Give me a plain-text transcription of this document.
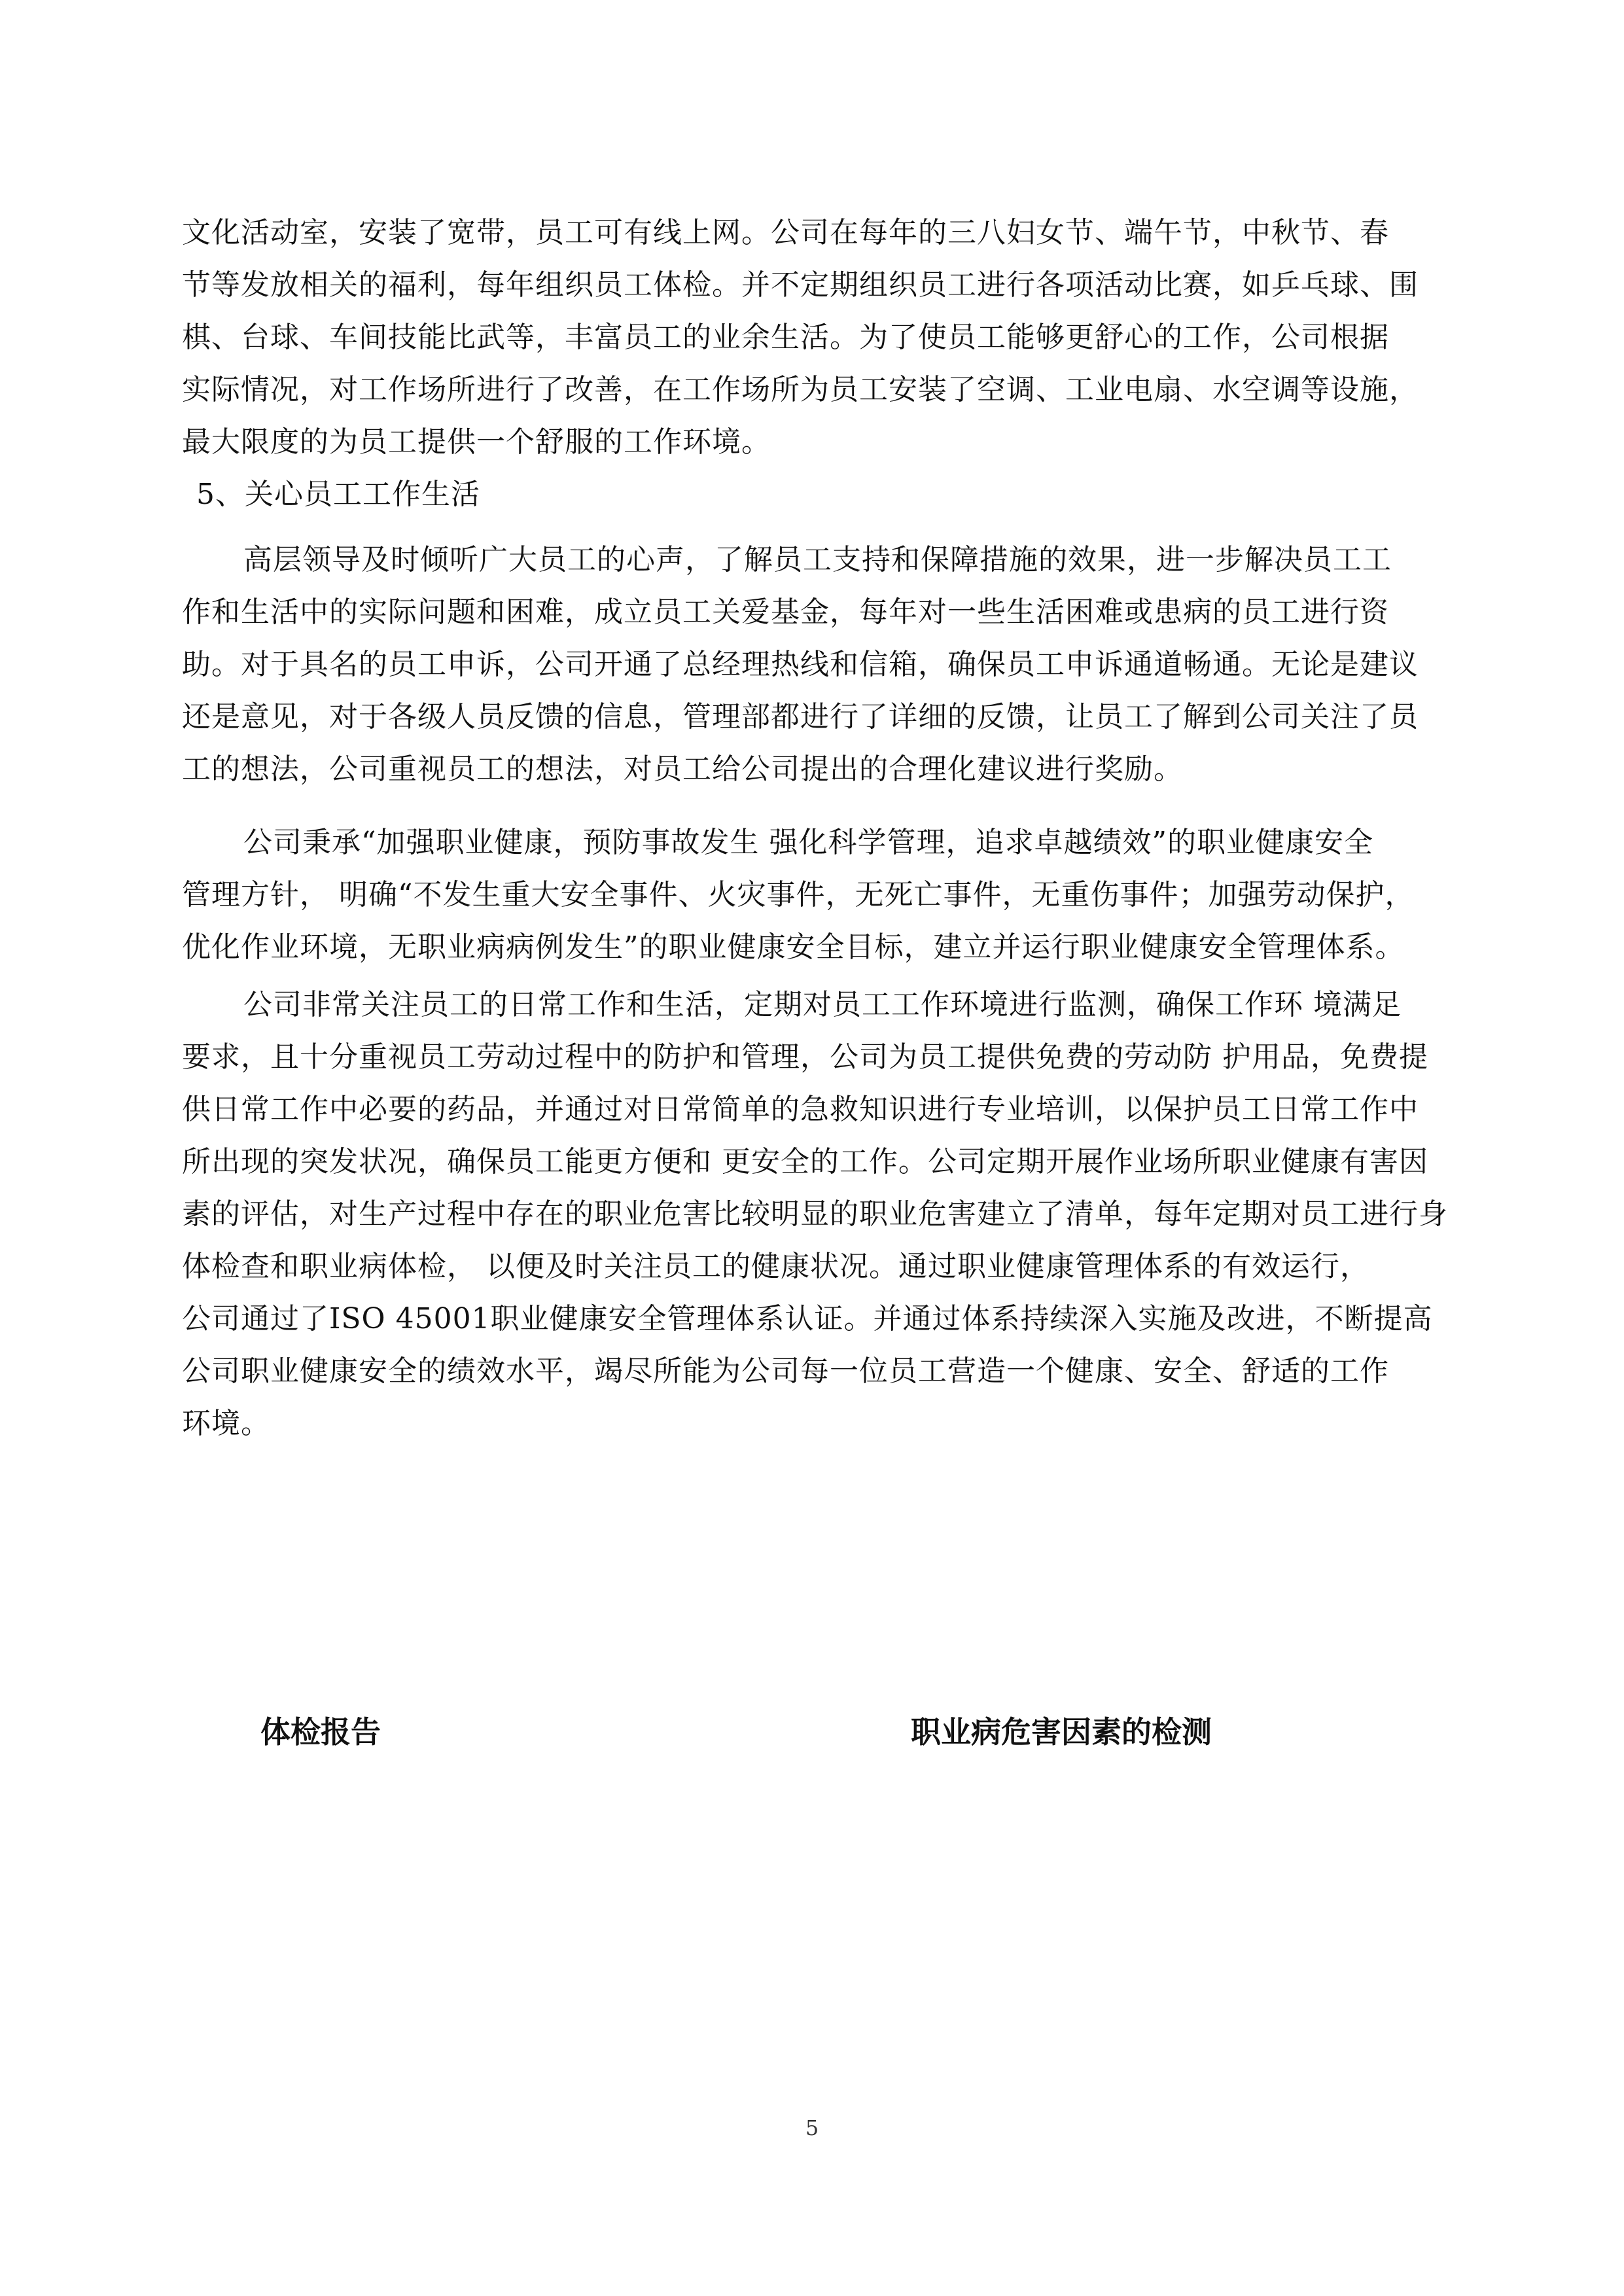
文化活动室，安装了宽带，员工可有线上网。公司在每年的三八妇女节、端午节，中秋节、春
节等发放相关的福利，每年组织员工体检。并不定期组织员工进行各项活动比赛，如乒乓球、围
棋、台球、车间技能比武等，丰富员工的业余生活。为了使员工能够更舒心的工作，公司根据
实际情况，对工作场所进行了改善，在工作场所为员工安装了空调、工业电扇、水空调等设施，
最大限度的为员工提供一个舒服的工作环境。
5、关心员工工作生活
高层领导及时倾听广大员工的心声，了解员工支持和保障措施的效果，进一步解决员工工
作和生活中的实际问题和困难，成立员工关爱基金，每年对一些生活困难或患病的员工进行资
助。对于具名的员工申诉，公司开通了总经理热线和信箱，确保员工申诉通道畅通。无论是建议
还是意见，对于各级人员反馈的信息，管理部都进行了详细的反馈，让员工了解到公司关注了员
工的想法，公司重视员工的想法，对员工给公司提出的合理化建议进行奖励。
公司秉承“加强职业健康，预防事故发生 强化科学管理，追求卓越绩效”的职业健康安全
管理方针， 明确“不发生重大安全事件、火灾事件，无死亡事件，无重伤事件；加强劳动保护，
优化作业环境，无职业病病例发生”的职业健康安全目标，建立并运行职业健康安全管理体系。
公司非常关注员工的日常工作和生活，定期对员工工作环境进行监测，确保工作环 境满足
要求，且十分重视员工劳动过程中的防护和管理，公司为员工提供免费的劳动防 护用品，免费提
供日常工作中必要的药品，并通过对日常简单的急救知识进行专业培训，以保护员工日常工作中
所出现的突发状况，确保员工能更方便和 更安全的工作。公司定期开展作业场所职业健康有害因
素的评估，对生产过程中存在的职业危害比较明显的职业危害建立了清单，每年定期对员工进行身
体检查和职业病体检， 以便及时关注员工的健康状况。通过职业健康管理体系的有效运行，
公司通过了ISO 45001职业健康安全管理体系认证。并通过体系持续深入实施及改进，不断提高
公司职业健康安全的绩效水平，竭尽所能为公司每一位员工营造一个健康、安全、舒适的工作
环境。
体检报告	职业病危害因素的检测
5
